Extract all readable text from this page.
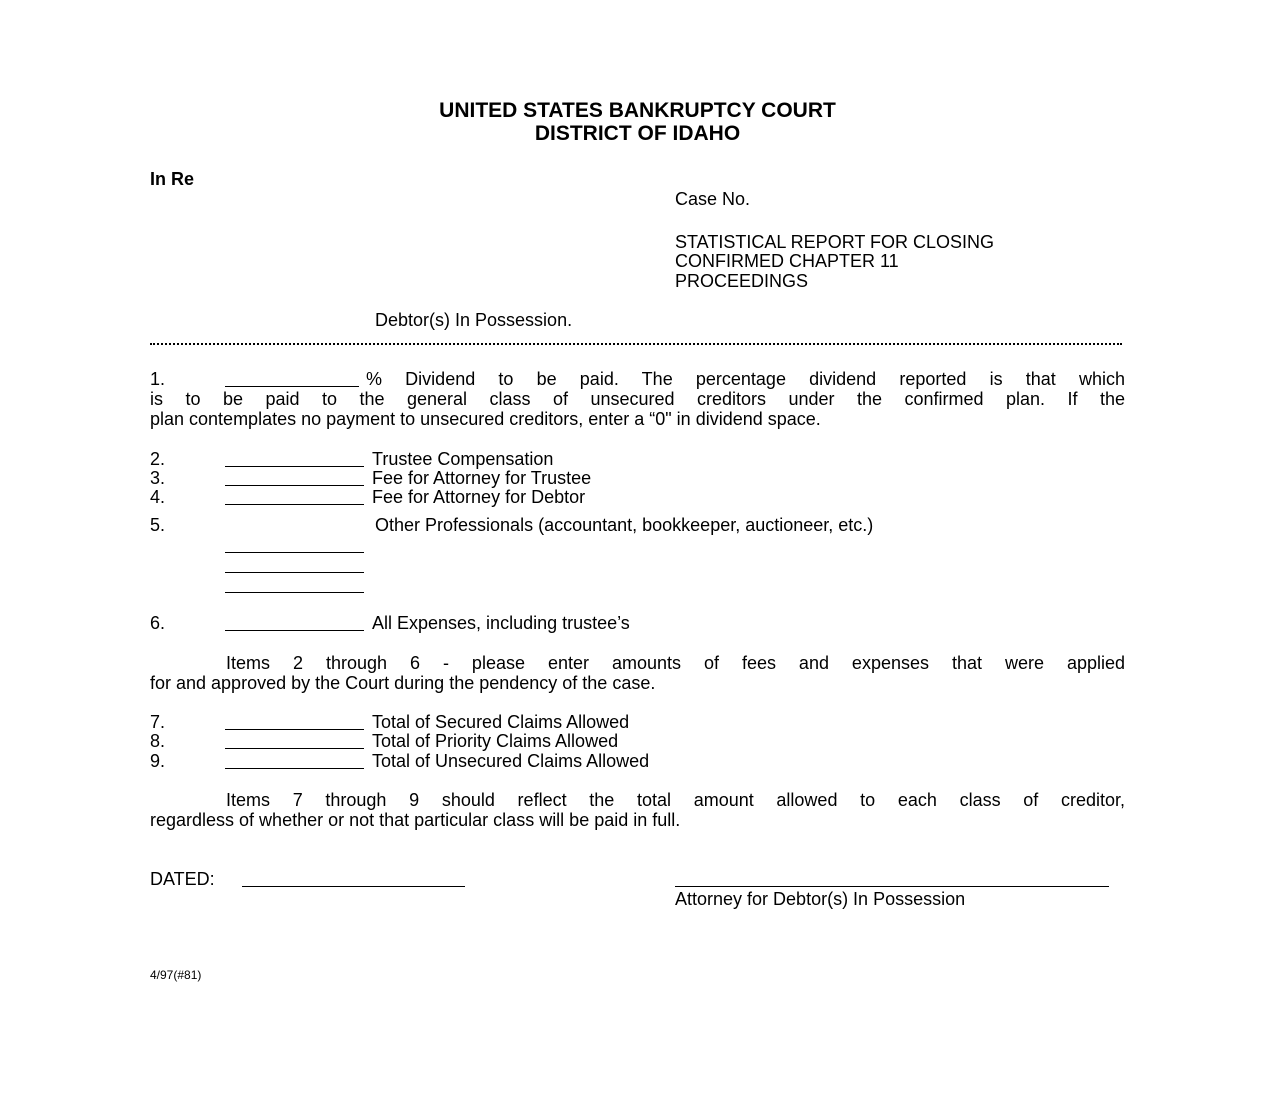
UNITED STATES BANKRUPTCY COURT
DISTRICT OF IDAHO
In Re
Case No.
STATISTICAL REPORT FOR CLOSING
CONFIRMED CHAPTER 11
PROCEEDINGS
Debtor(s) In Possession.
1.	% Dividend to be paid. The percentage dividend reported is that which
is to be paid to the general class of unsecured creditors under the confirmed plan. If the
plan contemplates no payment to unsecured creditors, enter a “0" in dividend space.
2.	Trustee Compensation
3.	Fee for Attorney for Trustee
4.	Fee for Attorney for Debtor
5.	Other Professionals (accountant, bookkeeper, auctioneer, etc.)
6.	All Expenses, including trustee’s
Items 2 through 6 - please enter amounts of fees and expenses that were applied
for and approved by the Court during the pendency of the case.
7.	Total of Secured Claims Allowed
8.	Total of Priority Claims Allowed
9.	Total of Unsecured Claims Allowed
Items 7 through 9 should reflect the total amount allowed to each class of creditor,
regardless of whether or not that particular class will be paid in full.
DATED:
Attorney for Debtor(s) In Possession
4/97(#81)
